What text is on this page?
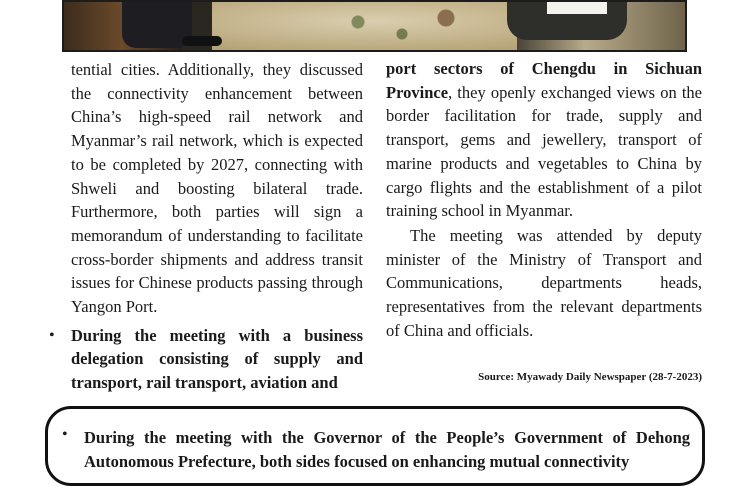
tential cities. Additionally, they discussed the connectivity enhancement between China’s high-speed rail network and Myanmar’s rail network, which is expected to be completed by 2027, connecting with Shweli and boosting bilateral trade. Furthermore, both parties will sign a memorandum of understanding to facilitate cross-border shipments and address transit issues for Chinese products passing through Yangon Port.

• During the meeting with a business delegation consisting of supply and transport, rail transport, aviation and

port sectors of Chengdu in Sichuan Province, they openly exchanged views on the border facilitation for trade, supply and transport, gems and jewellery, transport of marine products and vegetables to China by cargo flights and the establishment of a pilot training school in Myanmar.

The meeting was attended by deputy minister of the Ministry of Transport and Communications, departments heads, representatives from the relevant departments of China and officials.

Source: Myawady Daily Newspaper (28-7-2023)
• During the meeting with the Governor of the People’s Government of Dehong Autonomous Prefecture, both sides focused on enhancing mutual connectivity
